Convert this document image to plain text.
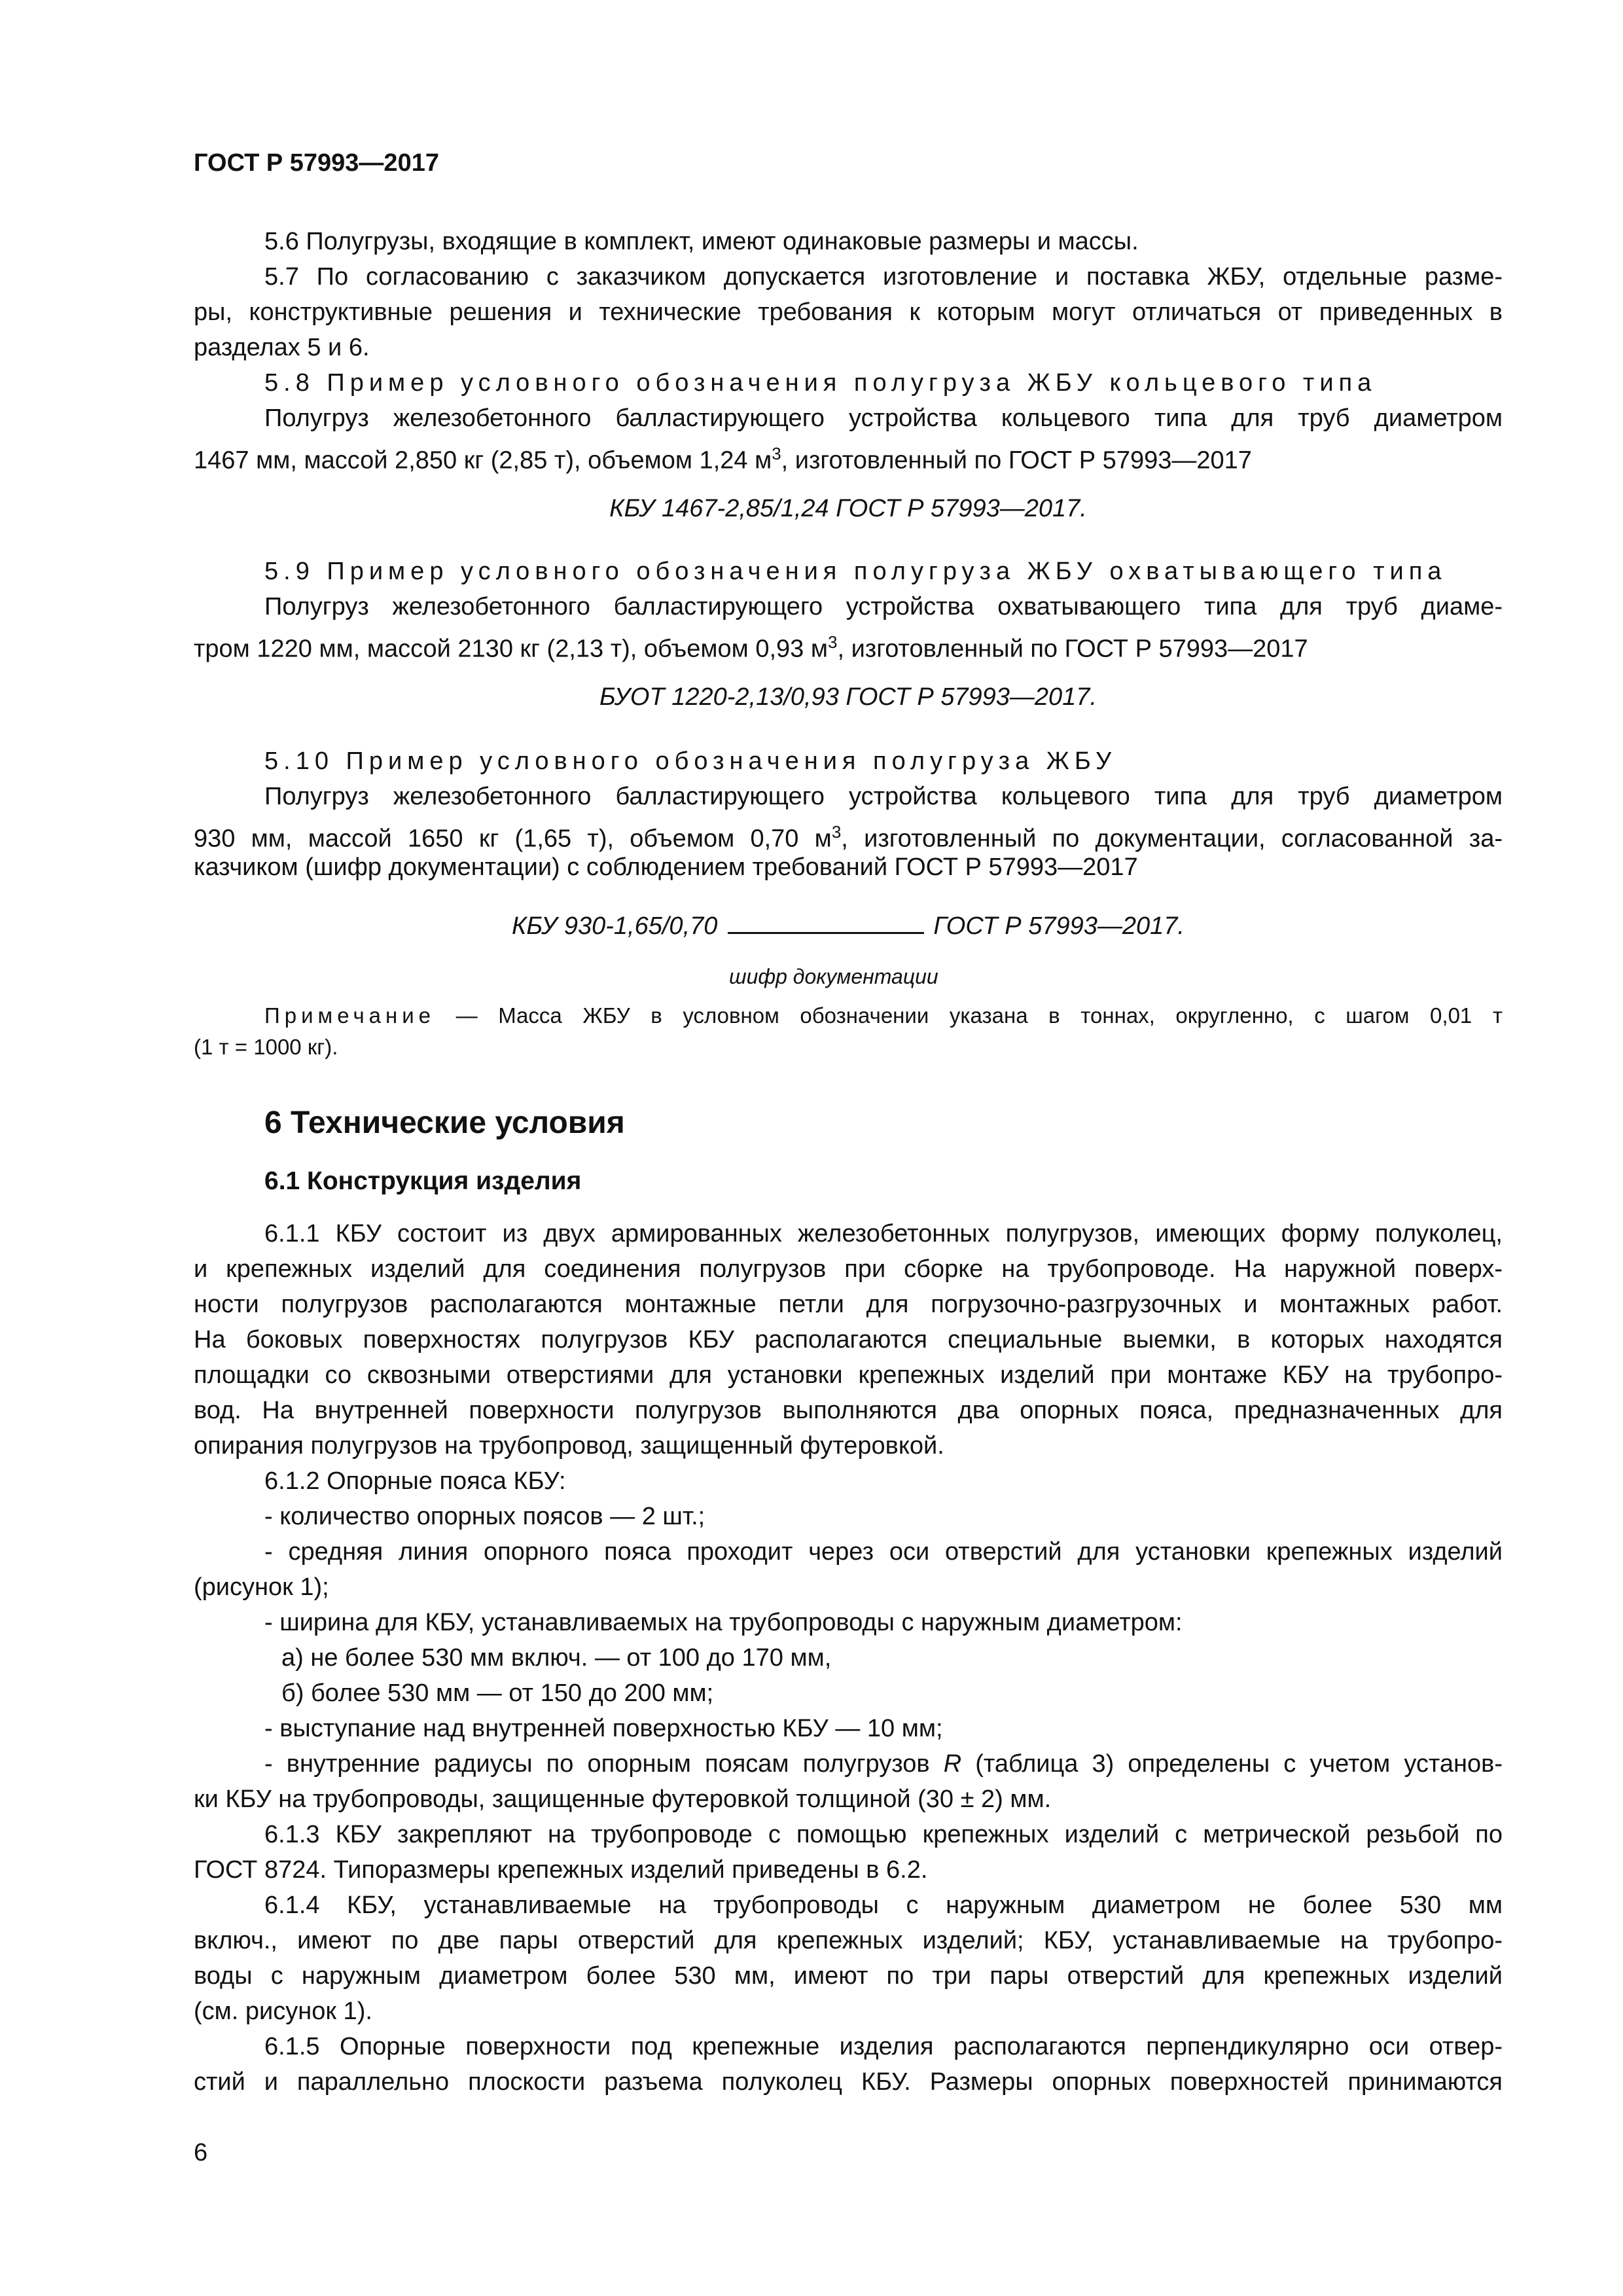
ГОСТ Р 57993—2017

5.6 Полугрузы, входящие в комплект, имеют одинаковые размеры и массы.

5.7 По согласованию с заказчиком допускается изготовление и поставка ЖБУ, отдельные разме-

ры, конструктивные решения и технические требования к которым могут отличаться от приведенных в

разделах 5 и 6.

5.8 Пример условного обозначения полугруза ЖБУ кольцевого типа

Полугруз железобетонного балластирующего устройства кольцевого типа для труб диаметром

1467 мм, массой 2,850 кг (2,85 т), объемом 1,24 $м^3$, изготовленный по ГОСТ Р 57993—2017

КБУ 1467-2,85/1,24 ГОСТ Р 57993—2017.

5.9 Пример условного обозначения полугруза ЖБУ охватывающего типа

Полугруз железобетонного балластирующего устройства охватывающего типа для труб диаме-

тром 1220 мм, массой 2130 кг (2,13 т), объемом 0,93 $м^3$, изготовленный по ГОСТ Р 57993—2017

БУОТ 1220-2,13/0,93 ГОСТ Р 57993—2017.

5.10 Пример условного обозначения полугруза ЖБУ

Полугруз железобетонного балластирующего устройства кольцевого типа для труб диаметром

930 мм, массой 1650 кг (1,65 т), объемом 0,70 $м^3$, изготовленный по документации, согласованной за-

казчиком (шифр документации) с соблюдением требований ГОСТ Р 57993—2017

КБУ 930-1,65/0,70	ГОСТ Р 57993—2017.

шифр документации

Примечание — Масса ЖБУ в условном обозначении указана в тоннах, округленно, с шагом 0,01 т

(1 т = 1000 кг).

6 Технические условия

6.1 Конструкция изделия

6.1.1 КБУ состоит из двух армированных железобетонных полугрузов, имеющих форму полуколец,

и крепежных изделий для соединения полугрузов при сборке на трубопроводе. На наружной поверх-

ности полугрузов располагаются монтажные петли для погрузочно-разгрузочных и монтажных работ.

На боковых поверхностях полугрузов КБУ располагаются специальные выемки, в которых находятся

площадки со сквозными отверстиями для установки крепежных изделий при монтаже КБУ на трубопро-

вод. На внутренней поверхности полугрузов выполняются два опорных пояса, предназначенных для

опирания полугрузов на трубопровод, защищенный футеровкой.

6.1.2 Опорные пояса КБУ:

- количество опорных поясов — 2 шт.;

- средняя линия опорного пояса проходит через оси отверстий для установки крепежных изделий

(рисунок 1);

- ширина для КБУ, устанавливаемых на трубопроводы с наружным диаметром:

а) не более 530 мм включ. — от 100 до 170 мм,

б) более 530 мм — от 150 до 200 мм;

- выступание над внутренней поверхностью КБУ — 10 мм;

- внутренние радиусы по опорным поясам полугрузов R (таблица 3) определены с учетом установ-

ки КБУ на трубопроводы, защищенные футеровкой толщиной (30 ± 2) мм.

6.1.3 КБУ закрепляют на трубопроводе с помощью крепежных изделий с метрической резьбой по

ГОСТ 8724. Типоразмеры крепежных изделий приведены в 6.2.

6.1.4 КБУ, устанавливаемые на трубопроводы с наружным диаметром не более 530 мм

включ., имеют по две пары отверстий для крепежных изделий; КБУ, устанавливаемые на трубопро-

воды с наружным диаметром более 530 мм, имеют по три пары отверстий для крепежных изделий

(см. рисунок 1).

6.1.5 Опорные поверхности под крепежные изделия располагаются перпендикулярно оси отвер-

стий и параллельно плоскости разъема полуколец КБУ. Размеры опорных поверхностей принимаются

6
